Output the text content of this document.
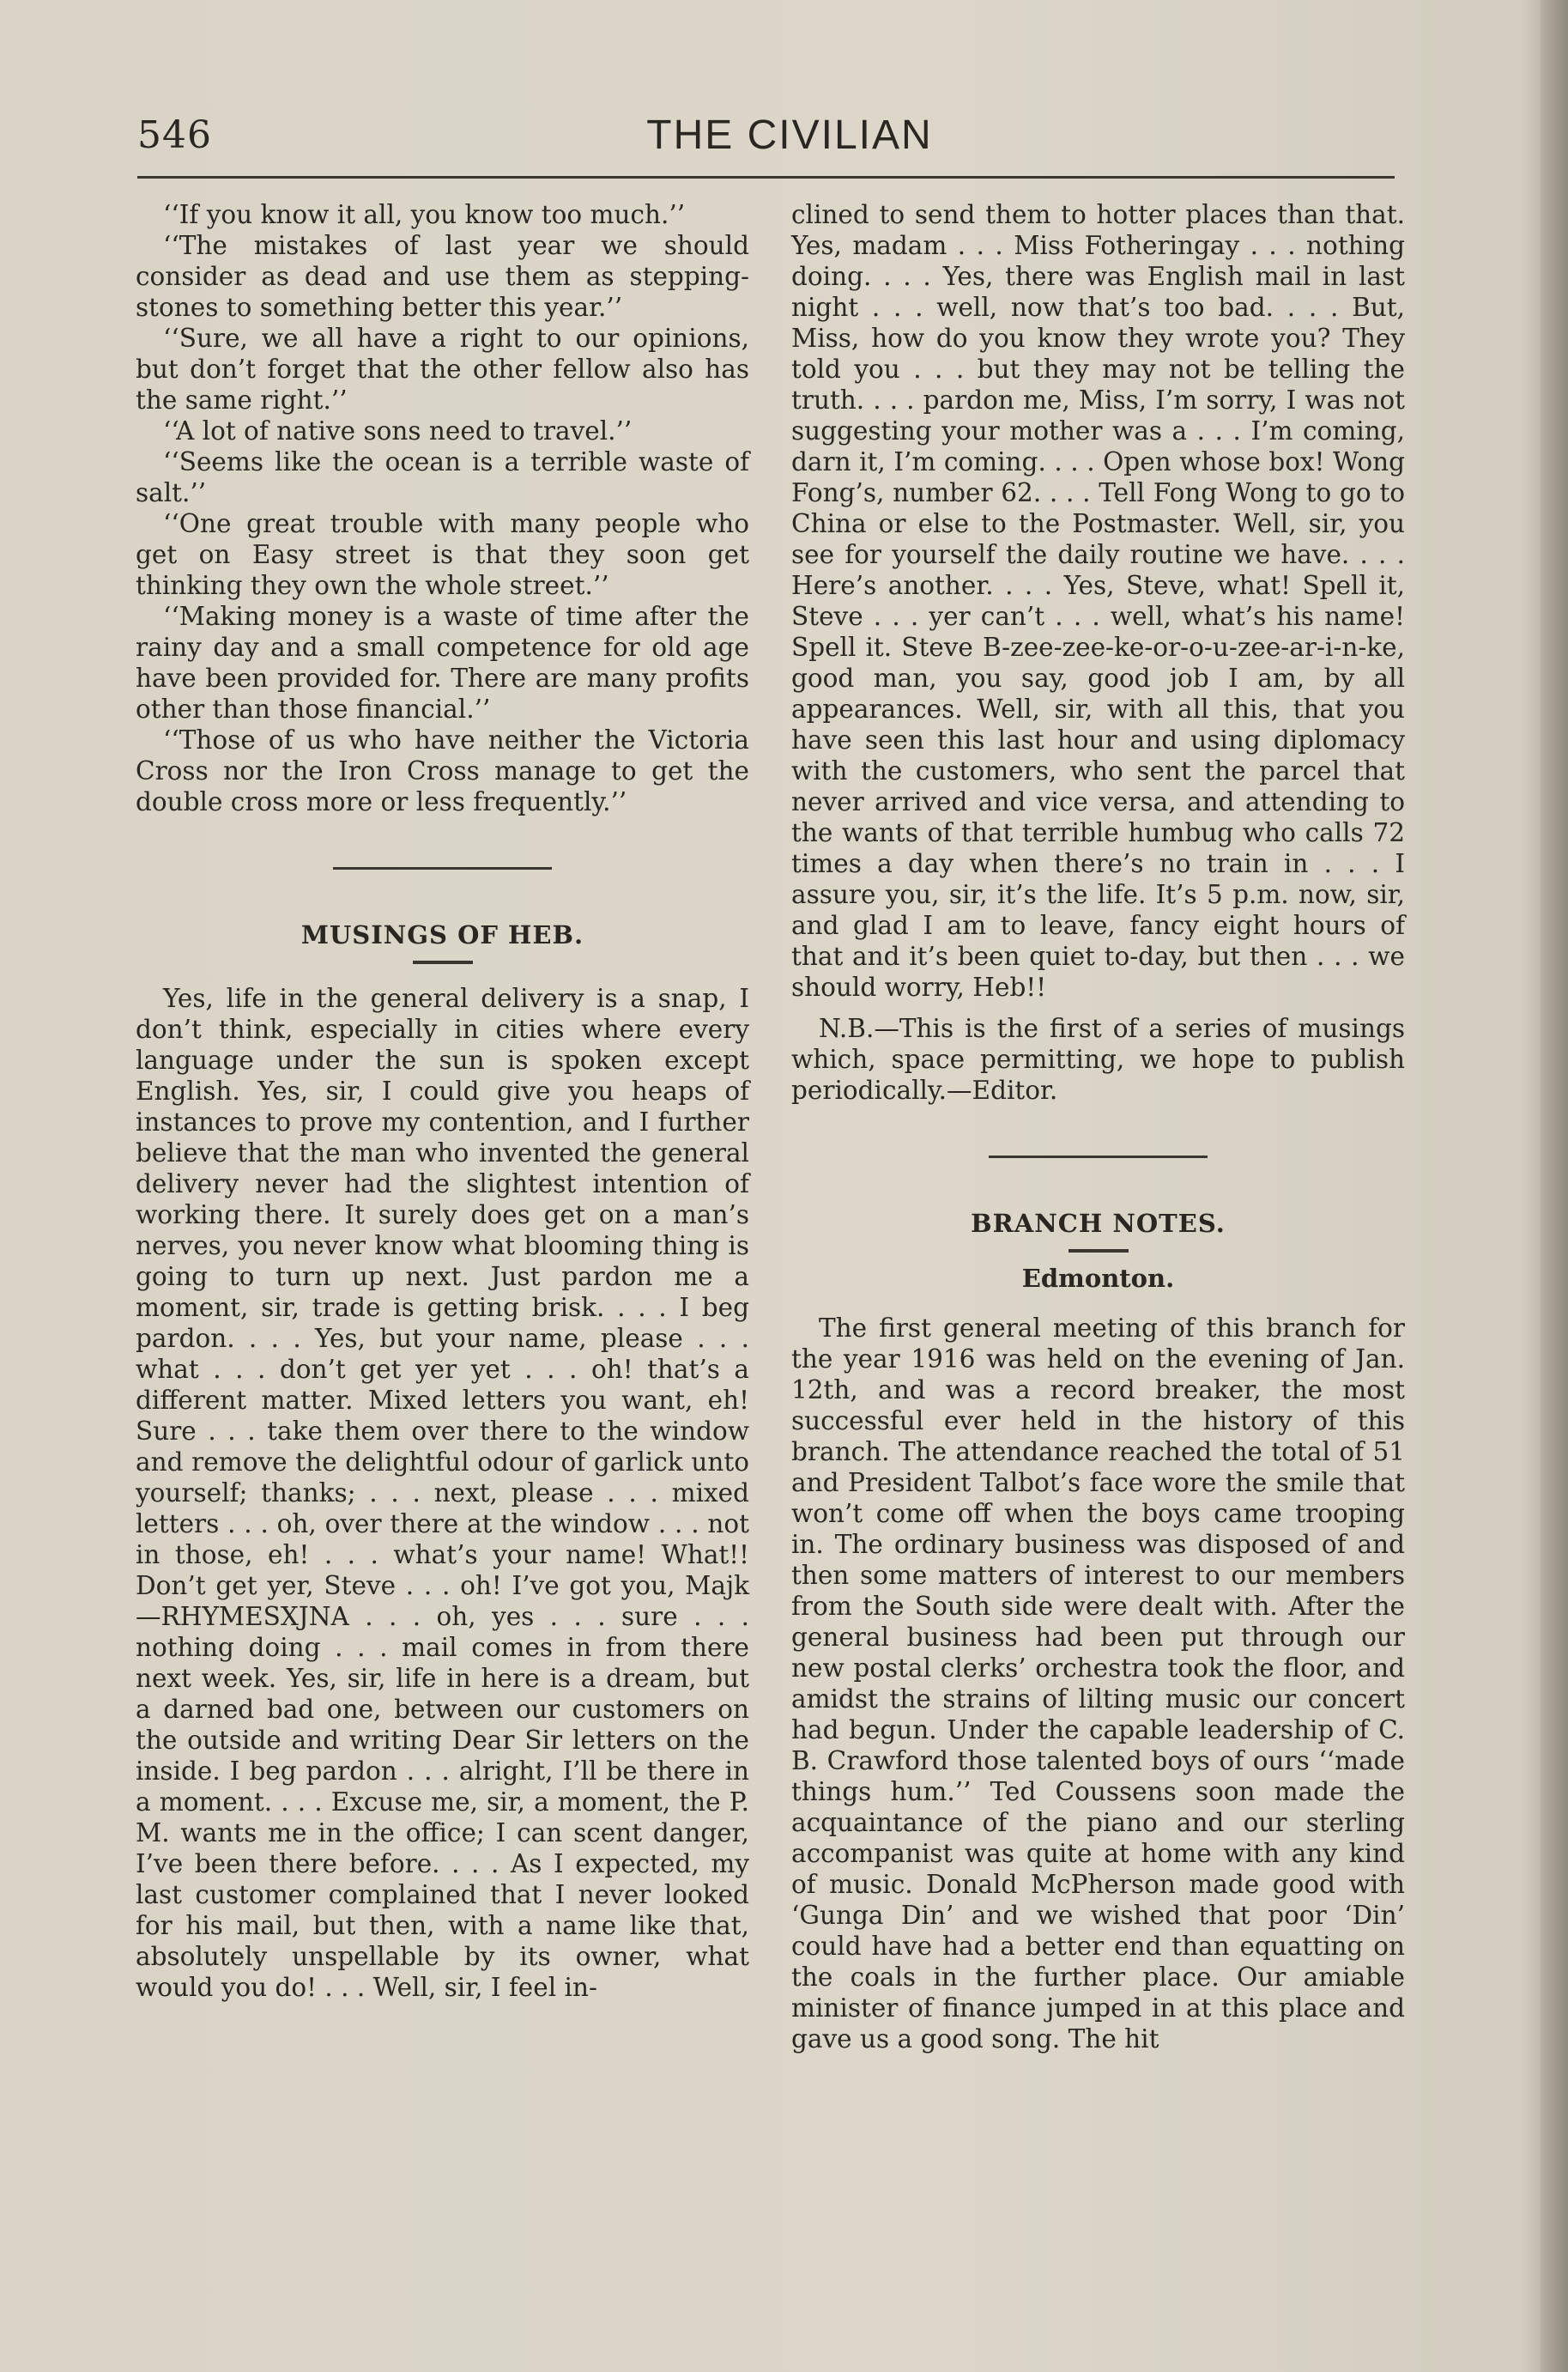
546	THE CIVILIAN

‘‘If you know it all, you know too much.’’

‘‘The mistakes of last year we should consider as dead and use them as stepping-stones to something better this year.’’

‘‘Sure, we all have a right to our opinions, but don’t forget that the other fellow also has the same right.’’

‘‘A lot of native sons need to travel.’’

‘‘Seems like the ocean is a terrible waste of salt.’’

‘‘One great trouble with many people who get on Easy street is that they soon get thinking they own the whole street.’’

‘‘Making money is a waste of time after the rainy day and a small competence for old age have been provided for. There are many profits other than those financial.’’

‘‘Those of us who have neither the Victoria Cross nor the Iron Cross manage to get the double cross more or less frequently.’’

MUSINGS OF HEB.

Yes, life in the general delivery is a snap, I don’t think, especially in cities where every language under the sun is spoken except English. Yes, sir, I could give you heaps of instances to prove my contention, and I further believe that the man who invented the general delivery never had the slightest intention of working there. It surely does get on a man’s nerves, you never know what blooming thing is going to turn up next. Just pardon me a moment, sir, trade is getting brisk. . . . I beg pardon. . . . Yes, but your name, please . . . what . . . don’t get yer yet . . . oh! that’s a different matter. Mixed letters you want, eh! Sure . . . take them over there to the window and remove the delightful odour of garlick unto yourself; thanks; . . . next, please . . . mixed letters . . . oh, over there at the window . . . not in those, eh! . . . what’s your name! What!! Don’t get yer, Steve . . . oh! I’ve got you, Majk—RHYMESXJNA . . . oh, yes . . . sure . . . nothing doing . . . mail comes in from there next week. Yes, sir, life in here is a dream, but a darned bad one, between our customers on the outside and writing Dear Sir letters on the inside. I beg pardon . . . alright, I’ll be there in a moment. . . . Excuse me, sir, a moment, the P. M. wants me in the office; I can scent danger, I’ve been there before. . . . As I expected, my last customer complained that I never looked for his mail, but then, with a name like that, absolutely unspellable by its owner, what would you do! . . . Well, sir, I feel in-

clined to send them to hotter places than that. Yes, madam . . . Miss Fotheringay . . . nothing doing. . . . Yes, there was English mail in last night . . . well, now that’s too bad. . . . But, Miss, how do you know they wrote you? They told you . . . but they may not be telling the truth. . . . pardon me, Miss, I’m sorry, I was not suggesting your mother was a . . . I’m coming, darn it, I’m coming. . . . Open whose box! Wong Fong’s, number 62. . . . Tell Fong Wong to go to China or else to the Postmaster. Well, sir, you see for yourself the daily routine we have. . . . Here’s another. . . . Yes, Steve, what! Spell it, Steve . . . yer can’t . . . well, what’s his name! Spell it. Steve B-zee-zee-ke-or-o-u-zee-ar-i-n-ke, good man, you say, good job I am, by all appearances. Well, sir, with all this, that you have seen this last hour and using diplomacy with the customers, who sent the parcel that never arrived and vice versa, and attending to the wants of that terrible humbug who calls 72 times a day when there’s no train in . . . I assure you, sir, it’s the life. It’s 5 p.m. now, sir, and glad I am to leave, fancy eight hours of that and it’s been quiet to-day, but then . . . we should worry, Heb!!

N.B.—This is the first of a series of musings which, space permitting, we hope to publish periodically.—Editor.

BRANCH NOTES.
Edmonton.

The first general meeting of this branch for the year 1916 was held on the evening of Jan. 12th, and was a record breaker, the most successful ever held in the history of this branch. The attendance reached the total of 51 and President Talbot’s face wore the smile that won’t come off when the boys came trooping in. The ordinary business was disposed of and then some matters of interest to our members from the South side were dealt with. After the general business had been put through our new postal clerks’ orchestra took the floor, and amidst the strains of lilting music our concert had begun. Under the capable leadership of C. B. Crawford those talented boys of ours ‘‘made things hum.’’ Ted Coussens soon made the acquaintance of the piano and our sterling accompanist was quite at home with any kind of music. Donald McPherson made good with ‘Gunga Din’ and we wished that poor ‘Din’ could have had a better end than equatting on the coals in the further place. Our amiable minister of finance jumped in at this place and gave us a good song. The hit
